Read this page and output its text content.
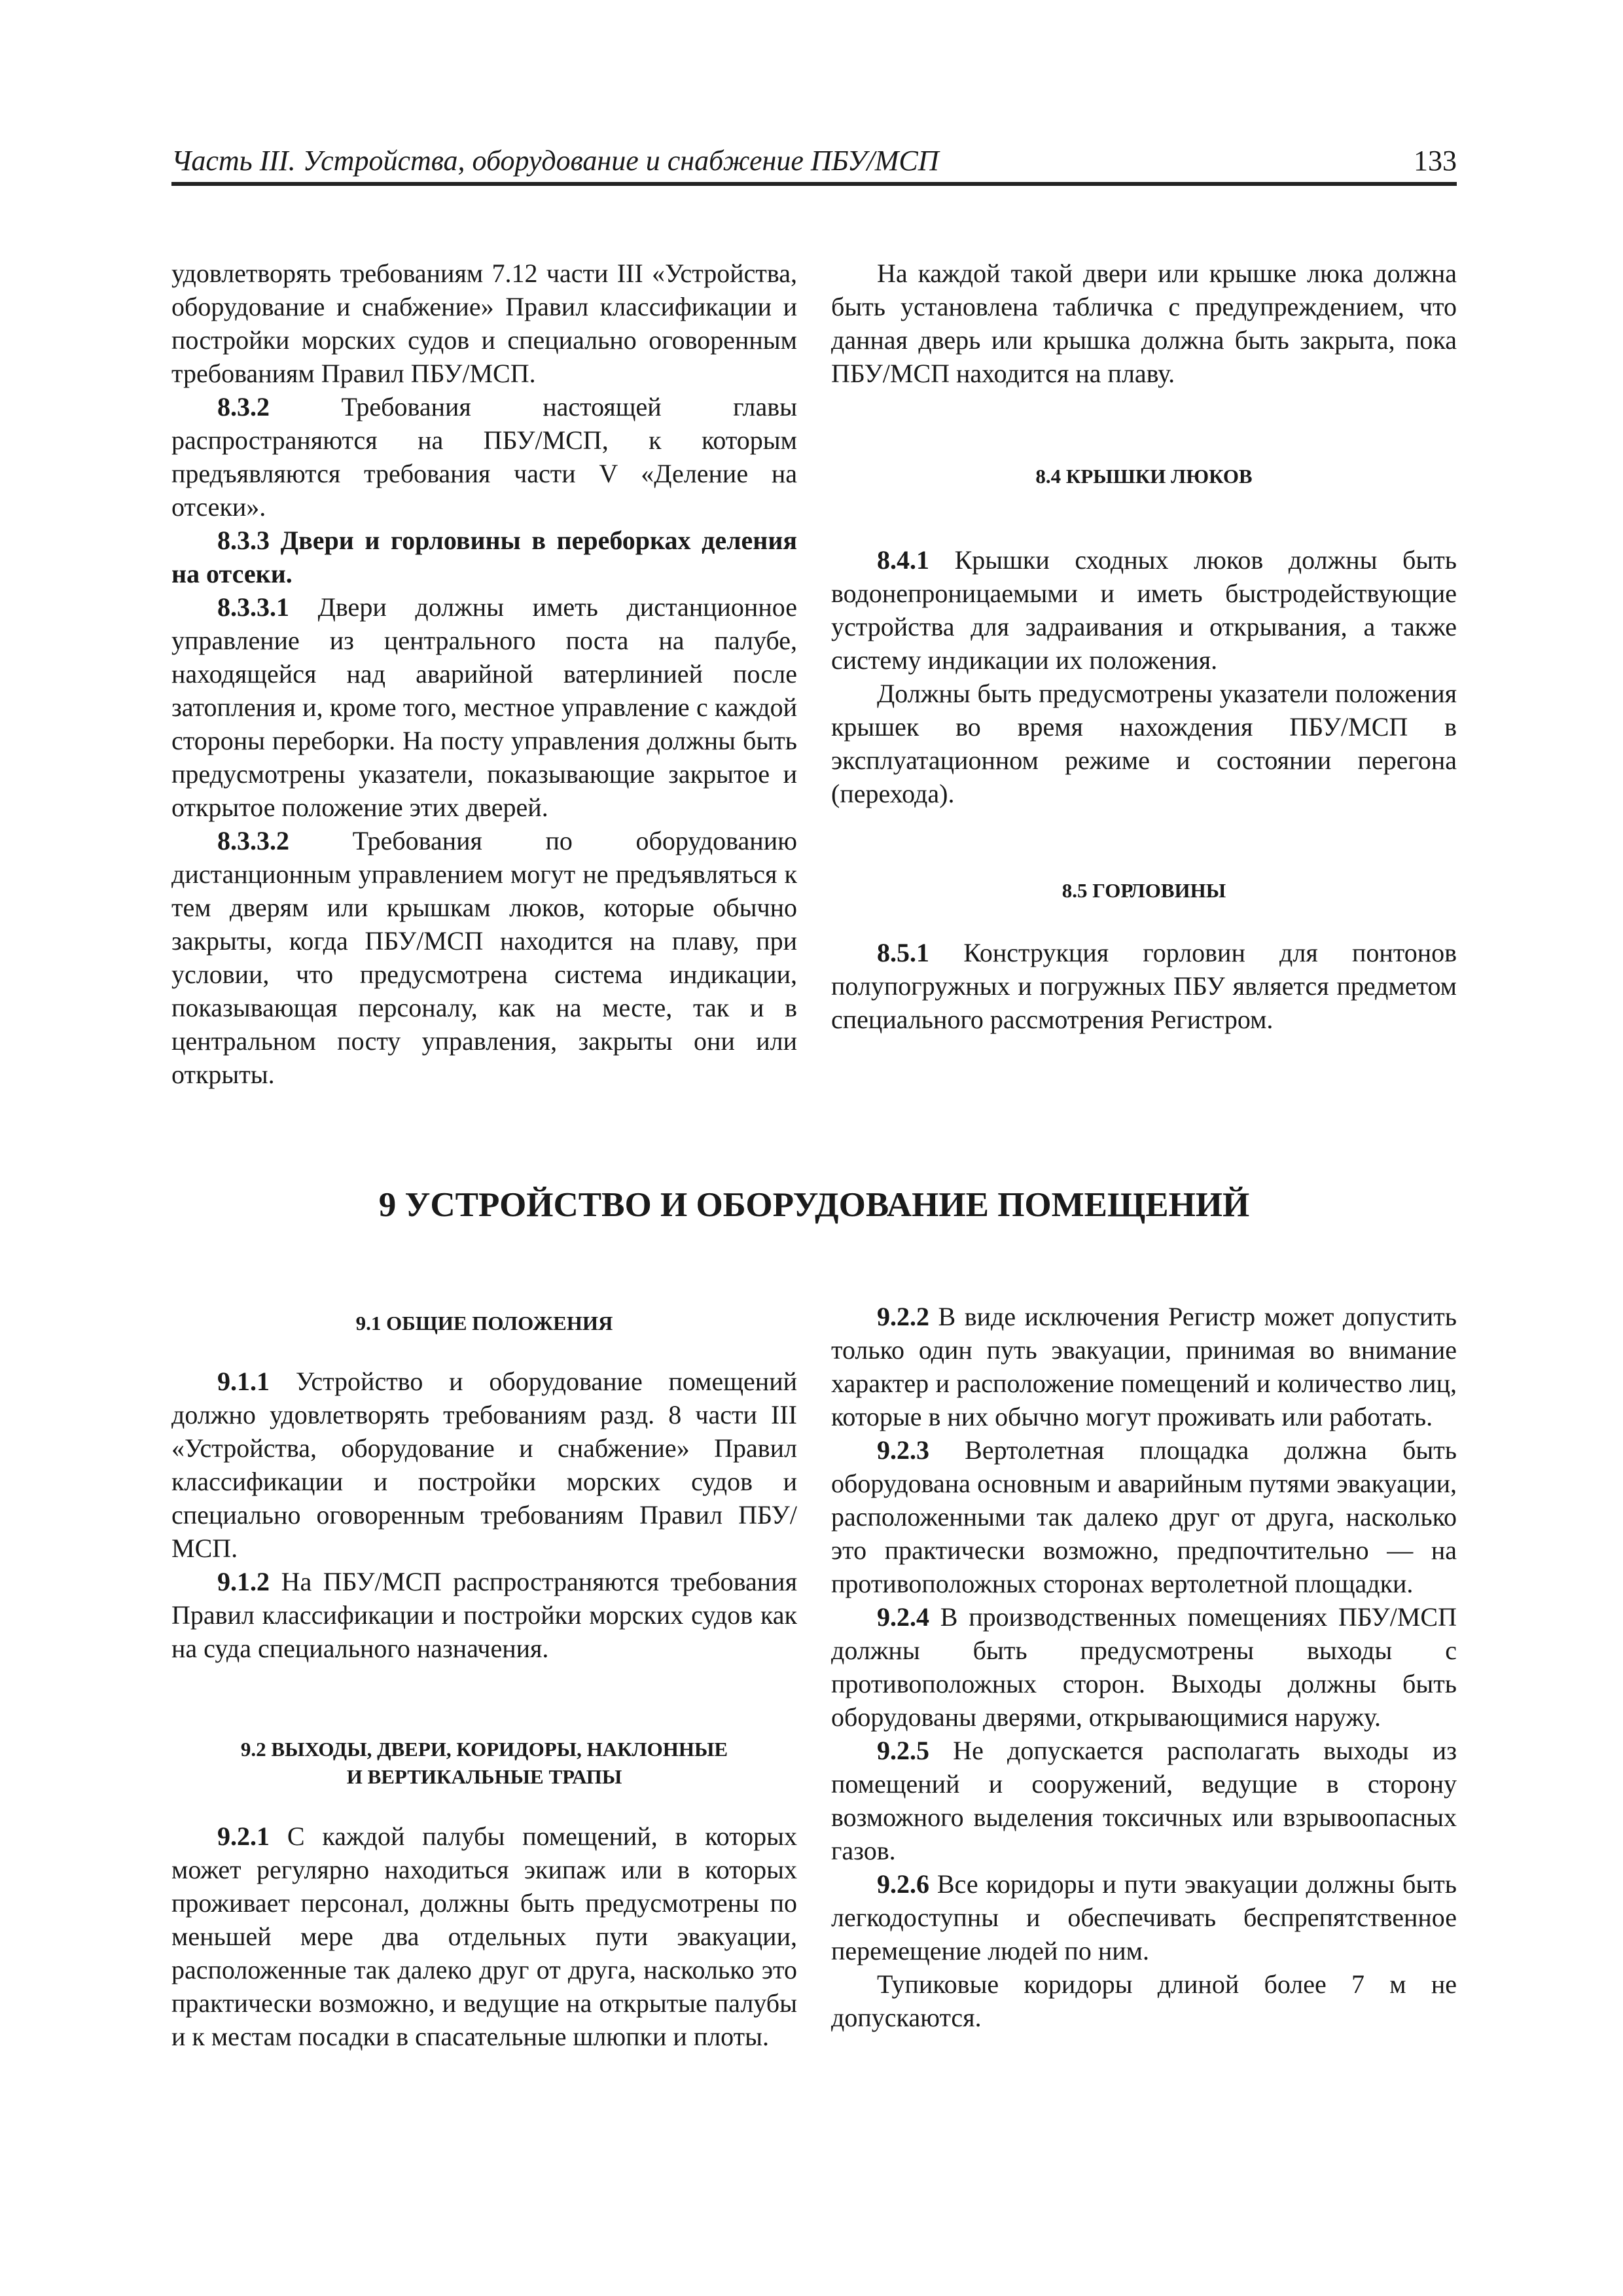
Часть III. Устройства, оборудование и снабжение ПБУ/МСП	133

удовлетворять требованиям 7.12 части III «Устройства, оборудование и снабжение» Правил классификации и постройки морских судов и специально оговоренным требованиям Правил ПБУ/МСП.

8.3.2 Требования настоящей главы распространяются на ПБУ/МСП, к которым предъявляются требования части V «Деление на отсеки».

8.3.3 Двери и горловины в переборках деления на отсеки.

8.3.3.1 Двери должны иметь дистанционное управление из центрального поста на палубе, находящейся над аварийной ватерлинией после затопления и, кроме того, местное управление с каждой стороны переборки. На посту управления должны быть предусмотрены указатели, показывающие закрытое и открытое положение этих дверей.

8.3.3.2 Требования по оборудованию дистанционным управлением могут не предъявляться к тем дверям или крышкам люков, которые обычно закрыты, когда ПБУ/МСП находится на плаву, при условии, что предусмотрена система индикации, показывающая персоналу, как на месте, так и в центральном посту управления, закрыты они или открыты.

На каждой такой двери или крышке люка должна быть установлена табличка с предупреждением, что данная дверь или крышка должна быть закрыта, пока ПБУ/МСП находится на плаву.

8.4 КРЫШКИ ЛЮКОВ

8.4.1 Крышки сходных люков должны быть водонепроницаемыми и иметь быстродействующие устройства для задраивания и открывания, а также систему индикации их положения.

Должны быть предусмотрены указатели положения крышек во время нахождения ПБУ/МСП в эксплуатационном режиме и состоянии перегона (перехода).

8.5 ГОРЛОВИНЫ

8.5.1 Конструкция горловин для понтонов полупогружных и погружных ПБУ является предметом специального рассмотрения Регистром.

9 УСТРОЙСТВО И ОБОРУДОВАНИЕ ПОМЕЩЕНИЙ
9.1 ОБЩИЕ ПОЛОЖЕНИЯ

9.1.1 Устройство и оборудование помещений должно удовлетворять требованиям разд. 8 части III «Устройства, оборудование и снабжение» Правил классификации и постройки морских судов и специально оговоренным требованиям Правил ПБУ/МСП.

9.1.2 На ПБУ/МСП распространяются требования Правил классификации и постройки морских судов как на суда специального назначения.

9.2 ВЫХОДЫ, ДВЕРИ, КОРИДОРЫ, НАКЛОННЫЕ
И ВЕРТИКАЛЬНЫЕ ТРАПЫ

9.2.1 С каждой палубы помещений, в которых может регулярно находиться экипаж или в которых проживает персонал, должны быть предусмотрены по меньшей мере два отдельных пути эвакуации, расположенные так далеко друг от друга, насколько это практически возможно, и ведущие на открытые палубы и к местам посадки в спасательные шлюпки и плоты.

9.2.2 В виде исключения Регистр может допустить только один путь эвакуации, принимая во внимание характер и расположение помещений и количество лиц, которые в них обычно могут проживать или работать.

9.2.3 Вертолетная площадка должна быть оборудована основным и аварийным путями эвакуации, расположенными так далеко друг от друга, насколько это практически возможно, предпочтительно — на противоположных сторонах вертолетной площадки.

9.2.4 В производственных помещениях ПБУ/МСП должны быть предусмотрены выходы с противоположных сторон. Выходы должны быть оборудованы дверями, открывающимися наружу.

9.2.5 Не допускается располагать выходы из помещений и сооружений, ведущие в сторону возможного выделения токсичных или взрывоопасных газов.

9.2.6 Все коридоры и пути эвакуации должны быть легкодоступны и обеспечивать беспрепятственное перемещение людей по ним.

Тупиковые коридоры длиной более 7 м не допускаются.
